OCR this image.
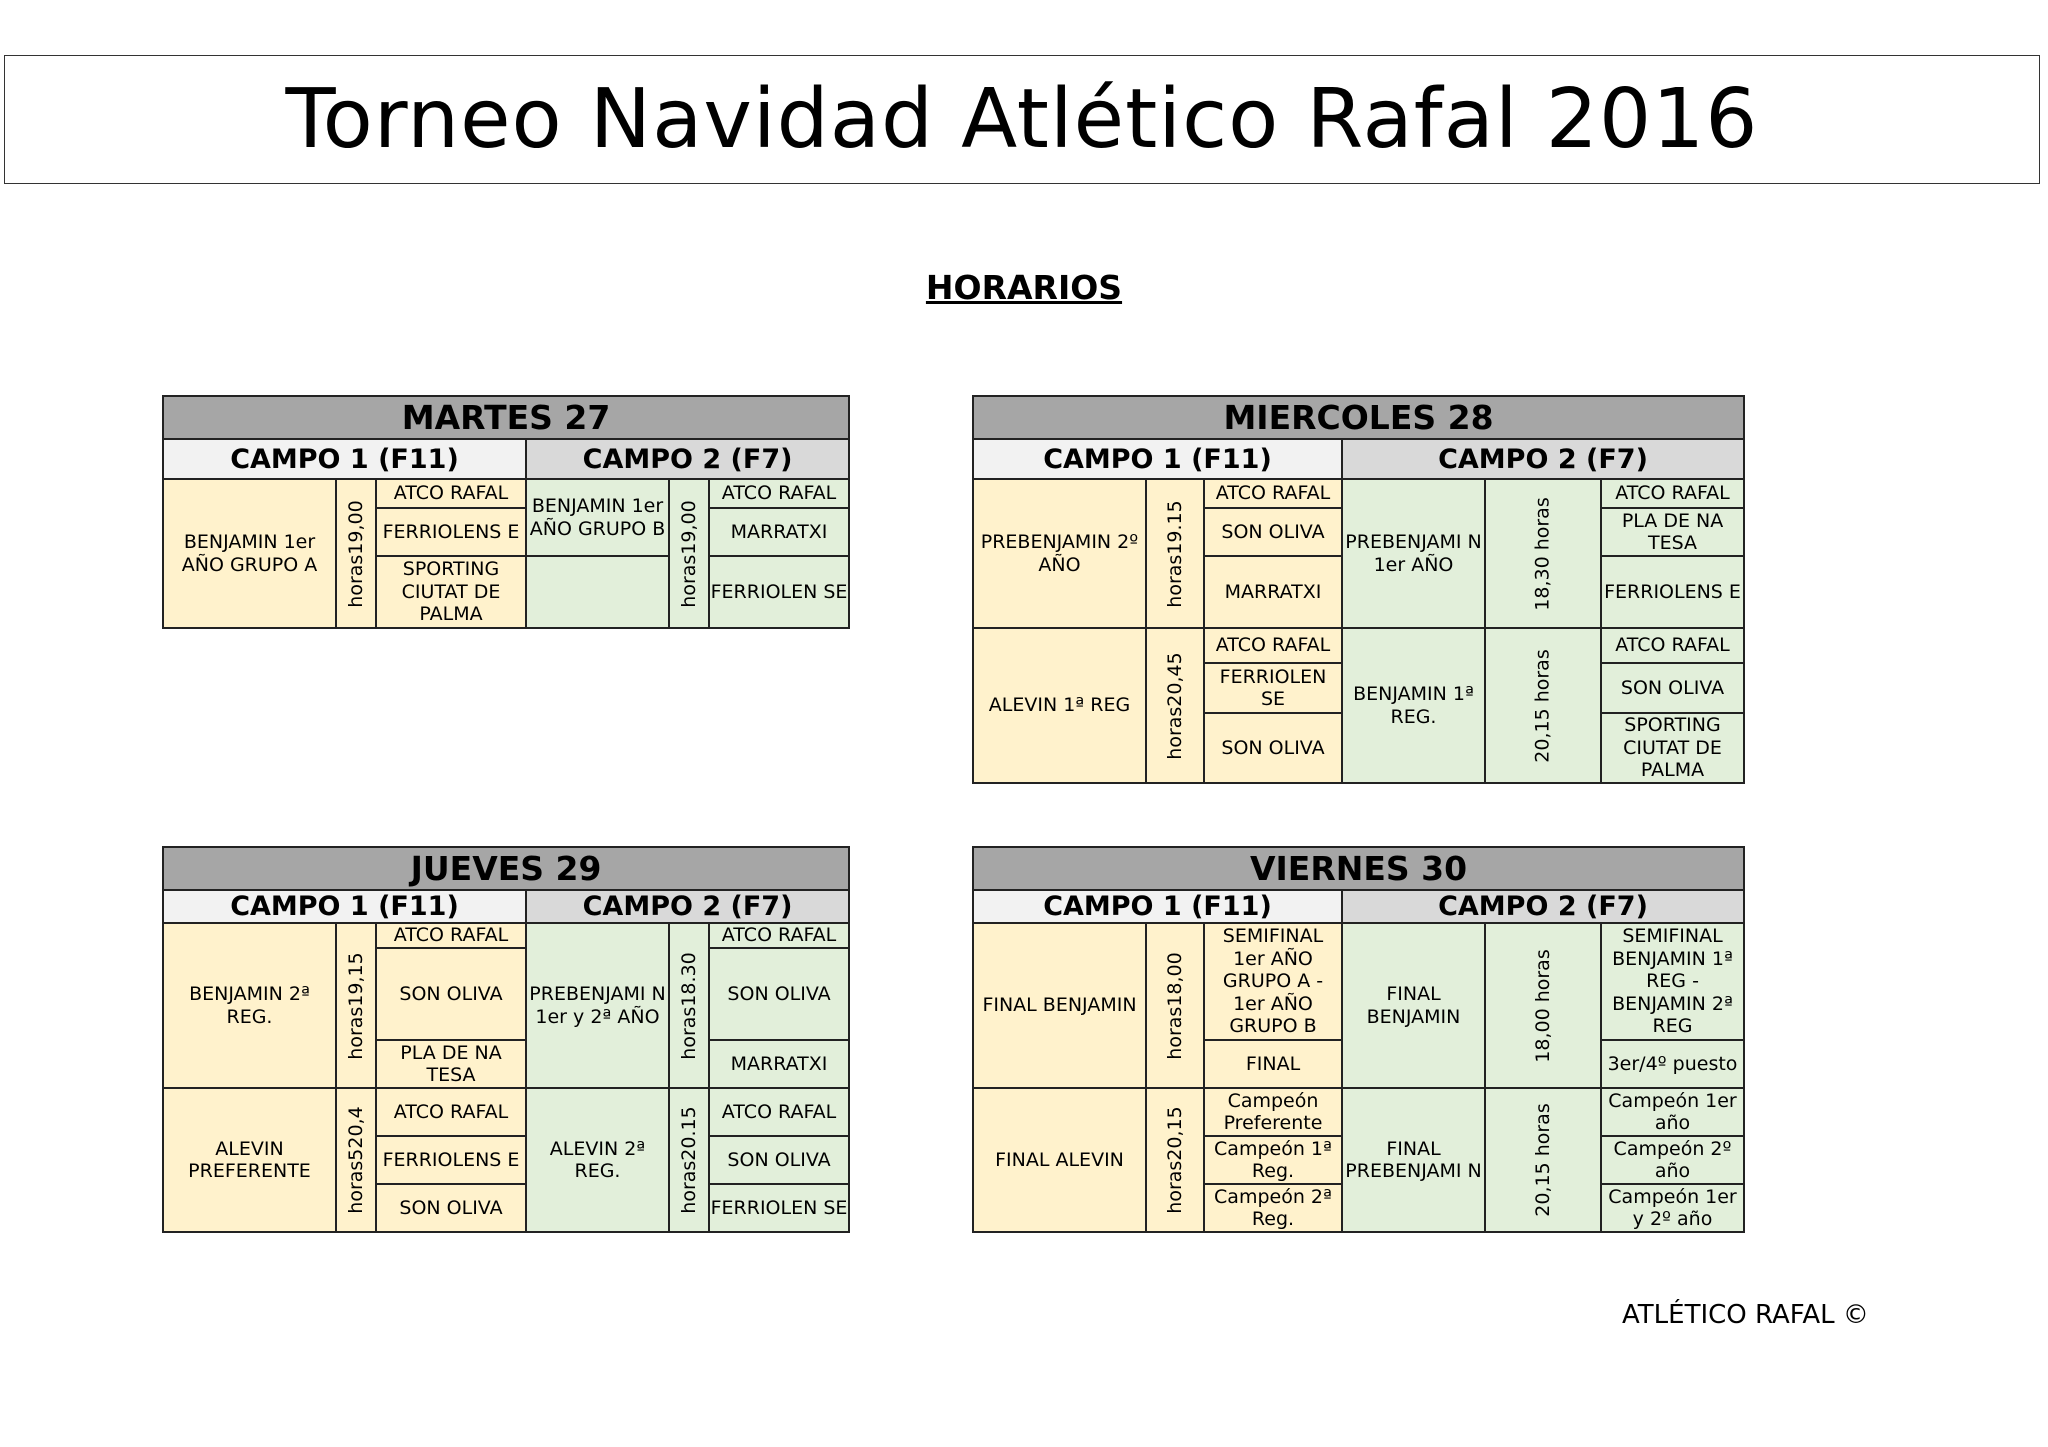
Torneo Navidad Atlético Rafal 2016
HORARIOS
MARTES 27					
CAMPO 1 (F11)			CAMPO 2 (F7)		
BENJAMIN 1er AÑO GRUPO A	horas19,00	ATCO RAFAL	BENJAMIN 1er AÑO GRUPO B	horas19,00	ATCO RAFAL
		FERRIOLENS E			MARRATXI
		SPORTING CIUTAT DE PALMA			FERRIOLEN SE
MIERCOLES 28					
CAMPO 1 (F11)			CAMPO 2 (F7)		
PREBENJAMIN 2º AÑO	horas19.15	ATCO RAFAL	PREBENJAMI N 1er AÑO	18,30 horas	ATCO RAFAL
		SON OLIVA			PLA DE NA TESA
		MARRATXI			FERRIOLENS E
ALEVIN 1ª REG	horas20,45	ATCO RAFAL	BENJAMIN 1ª REG.	20,15 horas	ATCO RAFAL
		FERRIOLEN SE			SON OLIVA
		SON OLIVA			SPORTING CIUTAT DE PALMA
JUEVES 29					
CAMPO 1 (F11)			CAMPO 2 (F7)		
BENJAMIN 2ª REG.	horas19,15	ATCO RAFAL	PREBENJAMI N 1er y 2ª AÑO	horas18.30	ATCO RAFAL
		SON OLIVA			SON OLIVA
		PLA DE NA TESA			MARRATXI
ALEVIN PREFERENTE	horas520,4	ATCO RAFAL	ALEVIN 2ª REG.	horas20.15	ATCO RAFAL
		FERRIOLENS E			SON OLIVA
		SON OLIVA			FERRIOLEN SE
VIERNES 30					
CAMPO 1 (F11)			CAMPO 2 (F7)		
FINAL BENJAMIN	horas18,00	SEMIFINAL 1er AÑO GRUPO A - 1er AÑO GRUPO B	FINAL BENJAMIN	18,00 horas	SEMIFINAL BENJAMIN 1ª REG - BENJAMIN 2ª REG
		FINAL			3er/4º puesto
FINAL ALEVIN	horas20,15	Campeón Preferente	FINAL PREBENJAMI N	20,15 horas	Campeón 1er año
		Campeón 1ª Reg.			Campeón 2º año
		Campeón 2ª Reg.			Campeón 1er y 2º año
ATLÉTICO RAFAL ©
